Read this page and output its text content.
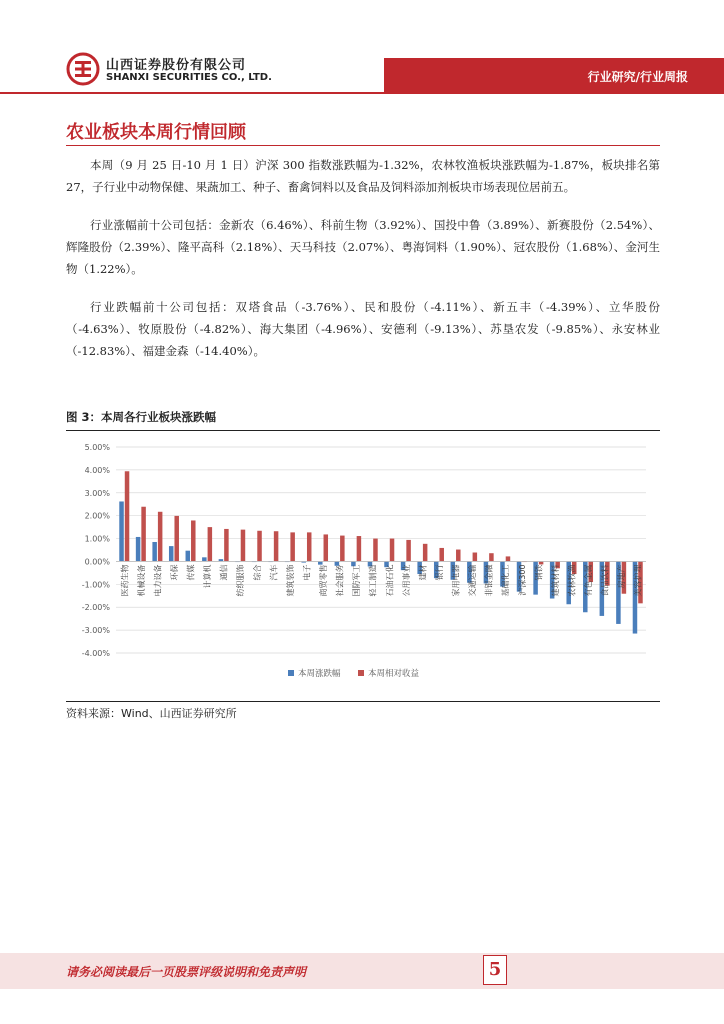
山西证券股份有限公司
SHANXI SECURITIES CO., LTD.	行业研究/行业周报
农业板块本周行情回顾

本周（9 月 25 日-10 月 1 日）沪深 300 指数涨跌幅为-1.32%，农林牧渔板块涨跌幅为-1.87%，板块排名第 27，子行业中动物保健、果蔬加工、种子、畜禽饲料以及食品及饲料添加剂板块市场表现位居前五。

行业涨幅前十公司包括：金新农（6.46%）、科前生物（3.92%）、国投中鲁（3.89%）、新赛股份（2.54%）、辉隆股份（2.39%）、隆平高科（2.18%）、天马科技（2.07%）、粤海饲料（1.90%）、冠农股份（1.68%）、金河生物（1.22%）。

行业跌幅前十公司包括：双塔食品（-3.76%）、民和股份（-4.11%）、新五丰（-4.39%）、立华股份（-4.63%）、牧原股份（-4.82%）、海大集团（-4.96%）、安德利（-9.13%）、苏垦农发（-9.85%）、永安林业（-12.83%）、福建金森（-14.40%）。

图 3：本周各行业板块涨跌幅
5.00%
4.00%
3.00%
2.00%
1.00%
0.00%
-1.00%
-2.00%
-3.00%
-4.00%
医药生物 机械设备 电力设备 环保 传媒 计算机 通信 纺织服饰 综合 汽车 建筑装饰 电子 商贸零售 社会服务 国防军工 轻工制造 石油石化 公用事业 建材 银行 家用电器 交通运输 非银金融 基础化工 沪深300 钢铁 建筑材料 农林牧渔 有色金属 食品饮料 房地产 美容护理
本周涨跌幅	本周相对收益
资料来源：Wind、山西证券研究所
请务必阅读最后一页股票评级说明和免责声明	5
